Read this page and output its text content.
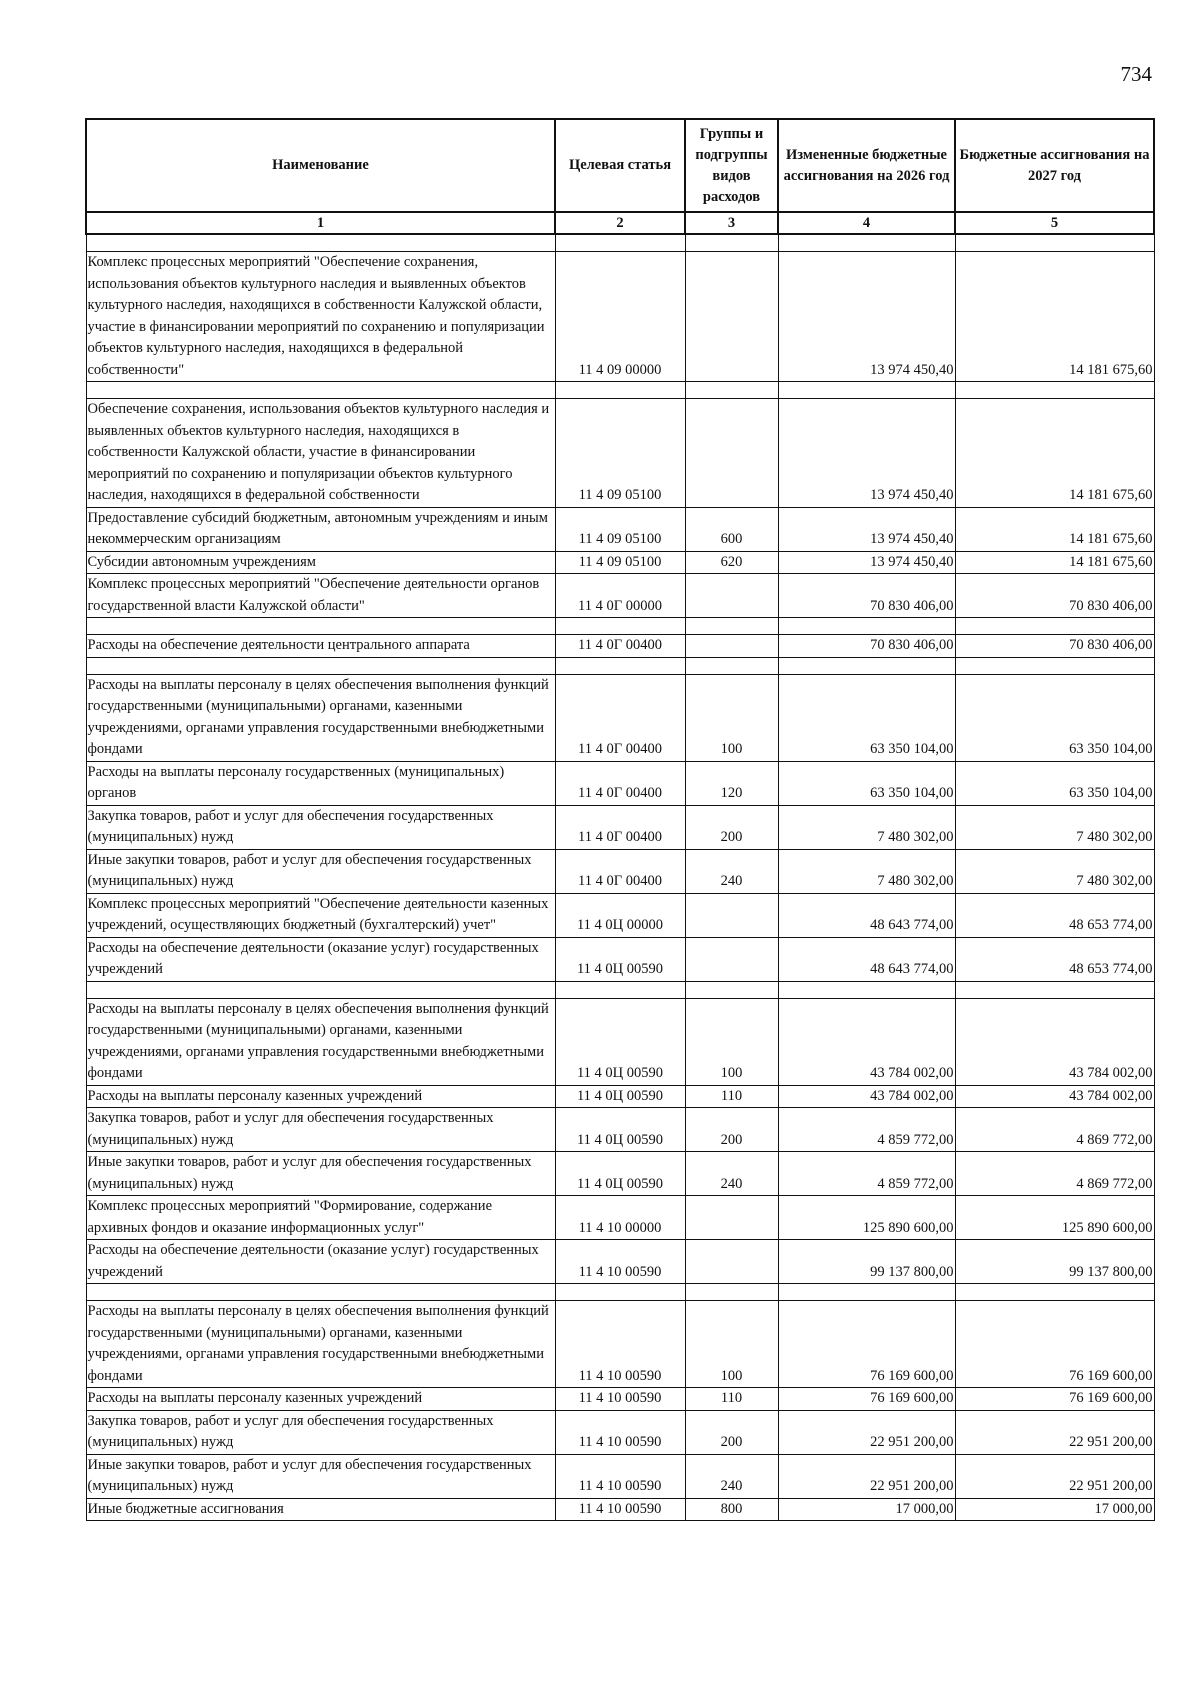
734
Наименование	Целевая статья	Группы и подгруппы видов расходов	Измененные бюджетные ассигнования на 2026 год	Бюджетные ассигнования на 2027 год
1	2	3	4	5

Комплекс процессных мероприятий "Обеспечение сохранения, использования объектов культурного наследия и выявленных объектов культурного наследия, находящихся в собственности Калужской области, участие в финансировании мероприятий по сохранению и популяризации объектов культурного наследия, находящихся в федеральной собственности"	11 4 09 00000		13 974 450,40	14 181 675,60

Обеспечение сохранения, использования объектов культурного наследия и выявленных объектов культурного наследия, находящихся в собственности Калужской области, участие в финансировании мероприятий по сохранению и популяризации объектов культурного наследия, находящихся в федеральной собственности	11 4 09 05100		13 974 450,40	14 181 675,60
Предоставление субсидий бюджетным, автономным учреждениям и иным некоммерческим организациям	11 4 09 05100	600	13 974 450,40	14 181 675,60
Субсидии автономным учреждениям	11 4 09 05100	620	13 974 450,40	14 181 675,60
Комплекс процессных мероприятий "Обеспечение деятельности органов государственной власти Калужской области"	11 4 0Г 00000		70 830 406,00	70 830 406,00

Расходы на обеспечение деятельности центрального аппарата	11 4 0Г 00400		70 830 406,00	70 830 406,00

Расходы на выплаты персоналу в целях обеспечения выполнения функций государственными (муниципальными) органами, казенными учреждениями, органами управления государственными внебюджетными фондами	11 4 0Г 00400	100	63 350 104,00	63 350 104,00
Расходы на выплаты персоналу государственных (муниципальных) органов	11 4 0Г 00400	120	63 350 104,00	63 350 104,00
Закупка товаров, работ и услуг для обеспечения государственных (муниципальных) нужд	11 4 0Г 00400	200	7 480 302,00	7 480 302,00
Иные закупки товаров, работ и услуг для обеспечения государственных (муниципальных) нужд	11 4 0Г 00400	240	7 480 302,00	7 480 302,00
Комплекс процессных мероприятий "Обеспечение деятельности казенных учреждений, осуществляющих бюджетный (бухгалтерский) учет"	11 4 0Ц 00000		48 643 774,00	48 653 774,00
Расходы на обеспечение деятельности (оказание услуг) государственных учреждений	11 4 0Ц 00590		48 643 774,00	48 653 774,00

Расходы на выплаты персоналу в целях обеспечения выполнения функций государственными (муниципальными) органами, казенными учреждениями, органами управления государственными внебюджетными фондами	11 4 0Ц 00590	100	43 784 002,00	43 784 002,00
Расходы на выплаты персоналу казенных учреждений	11 4 0Ц 00590	110	43 784 002,00	43 784 002,00
Закупка товаров, работ и услуг для обеспечения государственных (муниципальных) нужд	11 4 0Ц 00590	200	4 859 772,00	4 869 772,00
Иные закупки товаров, работ и услуг для обеспечения государственных (муниципальных) нужд	11 4 0Ц 00590	240	4 859 772,00	4 869 772,00
Комплекс процессных мероприятий "Формирование, содержание архивных фондов и оказание информационных услуг"	11 4 10 00000		125 890 600,00	125 890 600,00
Расходы на обеспечение деятельности (оказание услуг) государственных учреждений	11 4 10 00590		99 137 800,00	99 137 800,00

Расходы на выплаты персоналу в целях обеспечения выполнения функций государственными (муниципальными) органами, казенными учреждениями, органами управления государственными внебюджетными фондами	11 4 10 00590	100	76 169 600,00	76 169 600,00
Расходы на выплаты персоналу казенных учреждений	11 4 10 00590	110	76 169 600,00	76 169 600,00
Закупка товаров, работ и услуг для обеспечения государственных (муниципальных) нужд	11 4 10 00590	200	22 951 200,00	22 951 200,00
Иные закупки товаров, работ и услуг для обеспечения государственных (муниципальных) нужд	11 4 10 00590	240	22 951 200,00	22 951 200,00
Иные бюджетные ассигнования	11 4 10 00590	800	17 000,00	17 000,00
